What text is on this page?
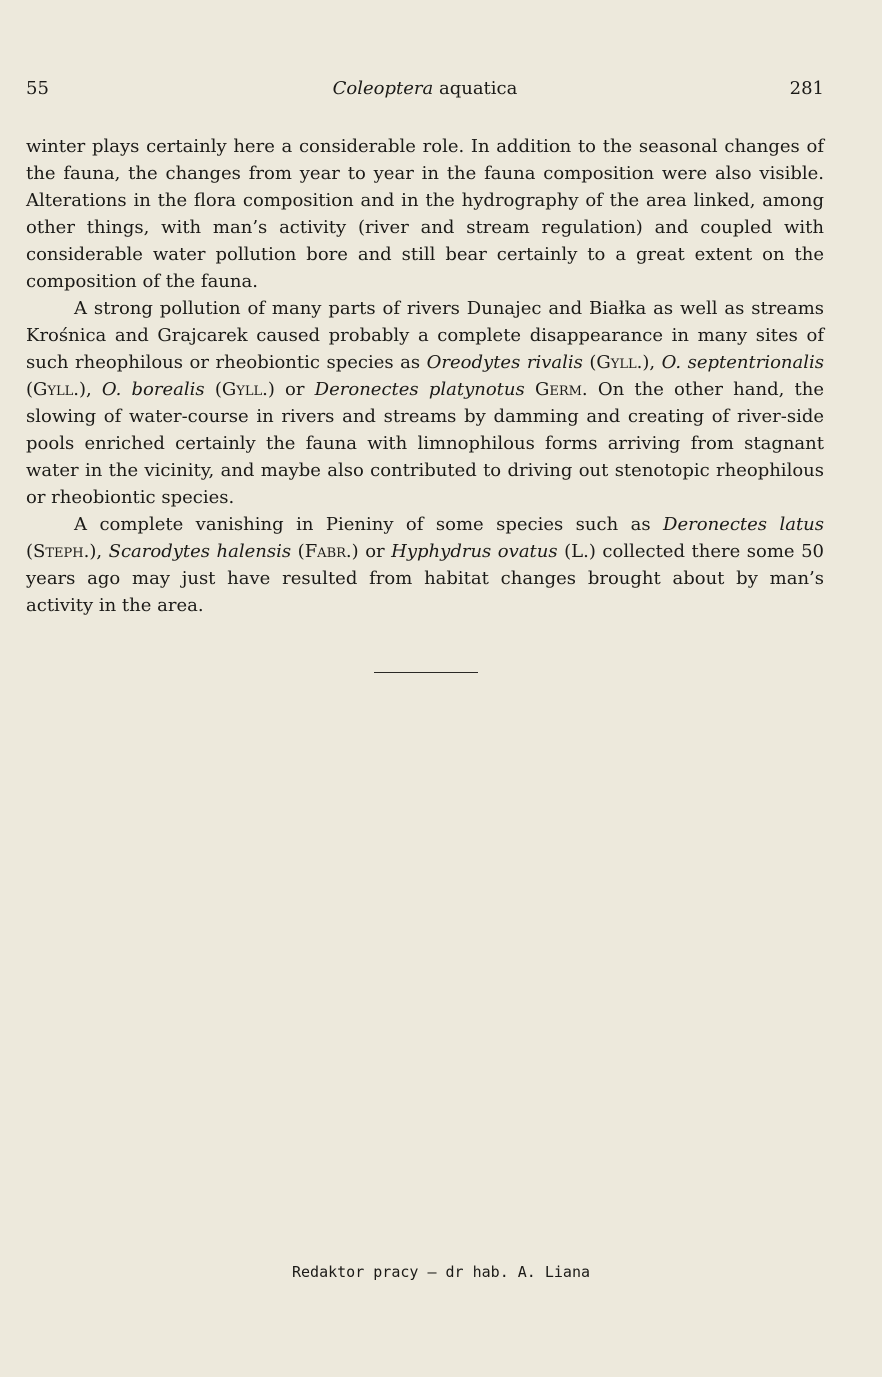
55	Coleoptera aquatica	281

winter plays certainly here a considerable role. In addition to the seasonal changes of the fauna, the changes from year to year in the fauna composition were also visible. Alterations in the flora composition and in the hydrography of the area linked, among other things, with man’s activity (river and stream regulation) and coupled with considerable water pollution bore and still bear certainly to a great extent on the composition of the fauna.

A strong pollution of many parts of rivers Dunajec and Białka as well as streams Krośnica and Grajcarek caused probably a complete disappearance in many sites of such rheophilous or rheobiontic species as Oreodytes rivalis (Gyll.), O. septentrionalis (Gyll.), O. borealis (Gyll.) or Deronectes platynotus Germ. On the other hand, the slowing of water-course in rivers and streams by damming and creating of river-side pools enriched certainly the fauna with limnophilous forms arriving from stagnant water in the vicinity, and maybe also contributed to driving out stenotopic rheophilous or rheobiontic species.

A complete vanishing in Pieniny of some species such as Deronectes latus (Steph.), Scarodytes halensis (Fabr.) or Hyphydrus ovatus (L.) collected there some 50 years ago may just have resulted from habitat changes brought about by man’s activity in the area.

Redaktor pracy — dr hab. A. Liana
